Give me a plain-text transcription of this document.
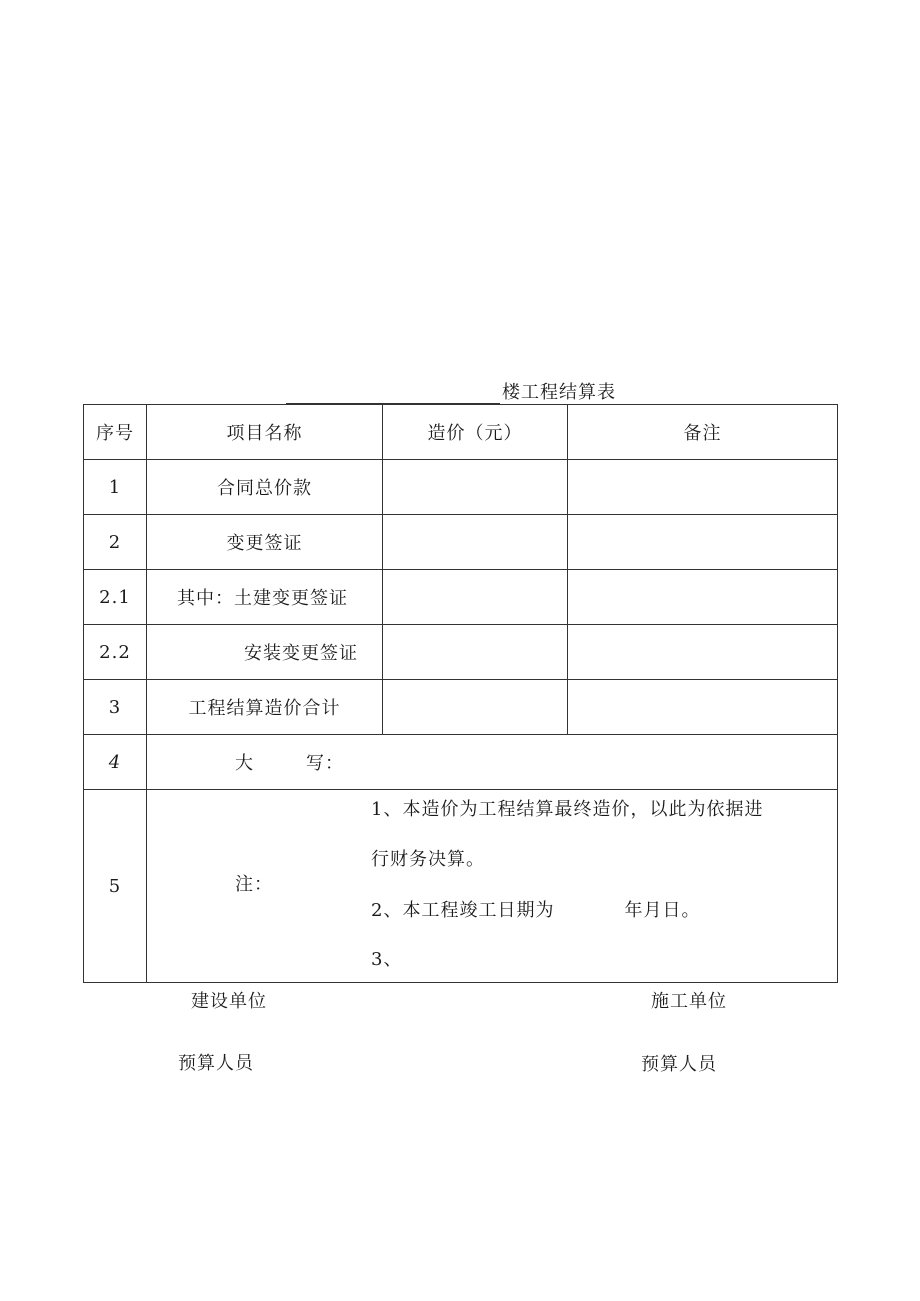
楼工程结算表
序号	项目名称	造价（元）	备注
1	合同总价款		
2	变更签证		
2.1	其中：土建变更签证		
2.2	安装变更签证		
3	工程结算造价合计		
4	大 写：		
5	注：
1、本造价为工程结算最终造价，以此为依据进
行财务决算。
2、本工程竣工日期为 年月日。
3、		
建设单位
预算人员
施工单位
预算人员
